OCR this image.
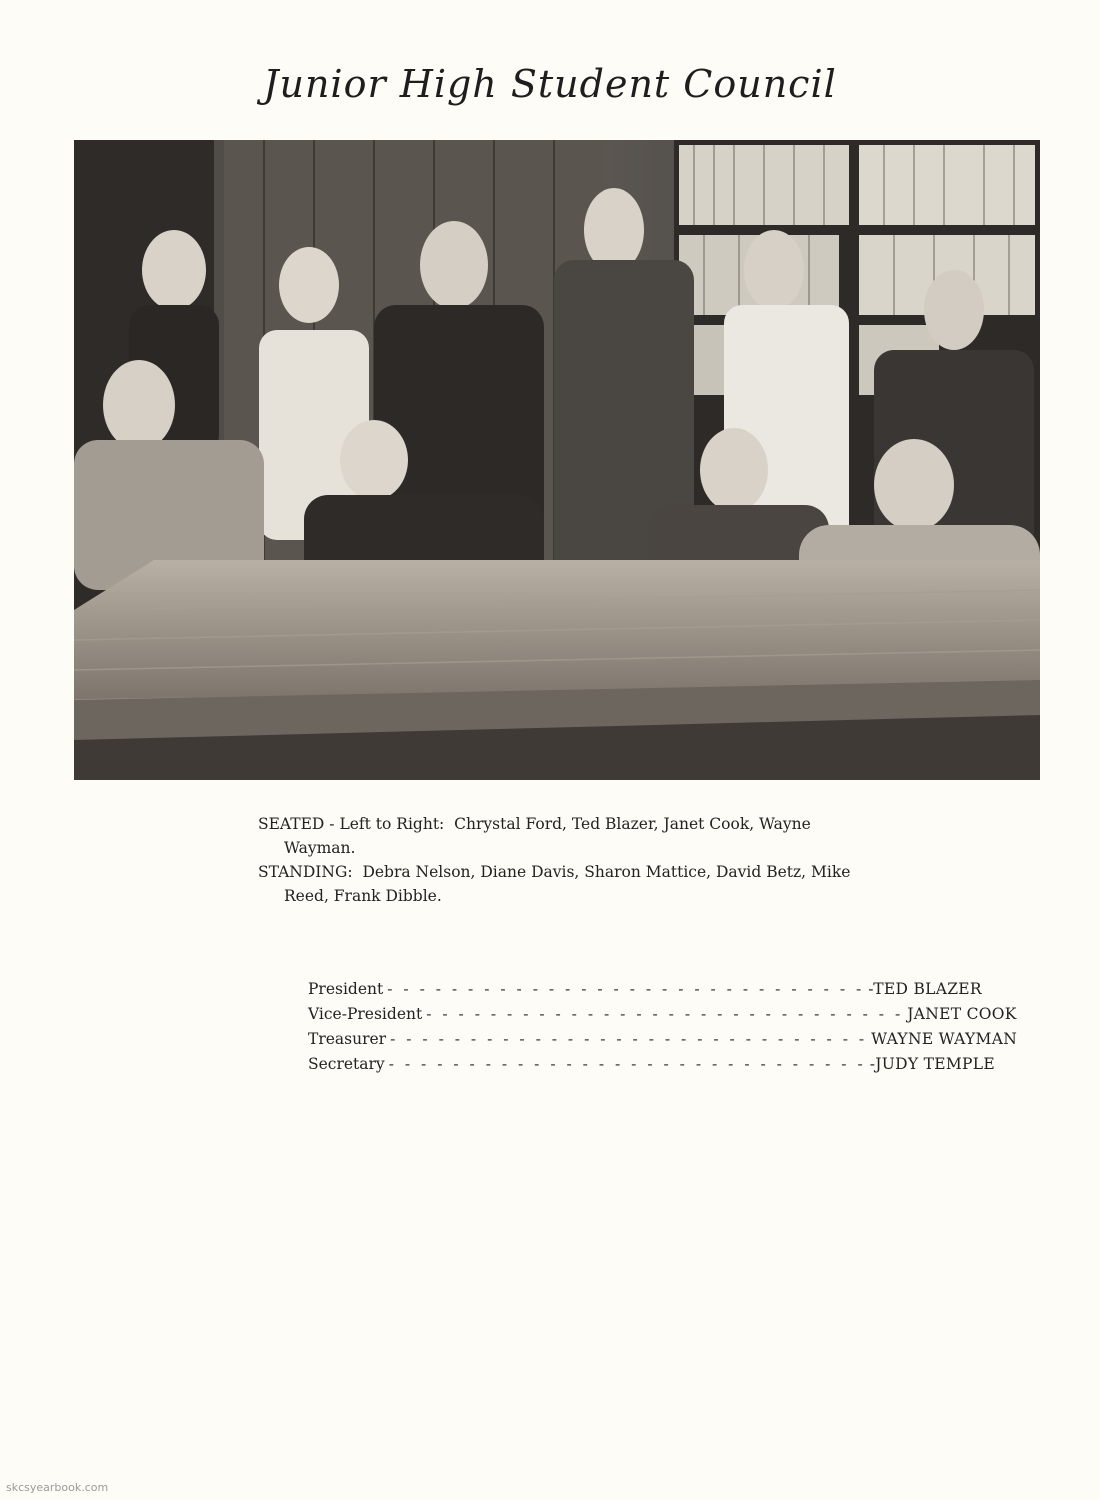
Junior High Student Council

SEATED - Left to Right: Chrystal Ford, Ted Blazer, Janet Cook, Wayne Wayman.

STANDING: Debra Nelson, Diane Davis, Sharon Mattice, David Betz, Mike Reed, Frank Dibble.

President - - - - - - - - - - - - - - - - - - - - - - - - - - - - - - -TED BLAZER
Vice-President - - - - - - - - - - - - - - - - - - - - - - - - - - - - - - JANET COOK
Treasurer - - - - - - - - - - - - - - - - - - - - - - - - - - - - - - WAYNE WAYMAN
Secretary - - - - - - - - - - - - - - - - - - - - - - - - - - - - - - -JUDY TEMPLE
skcsyearbook.com
